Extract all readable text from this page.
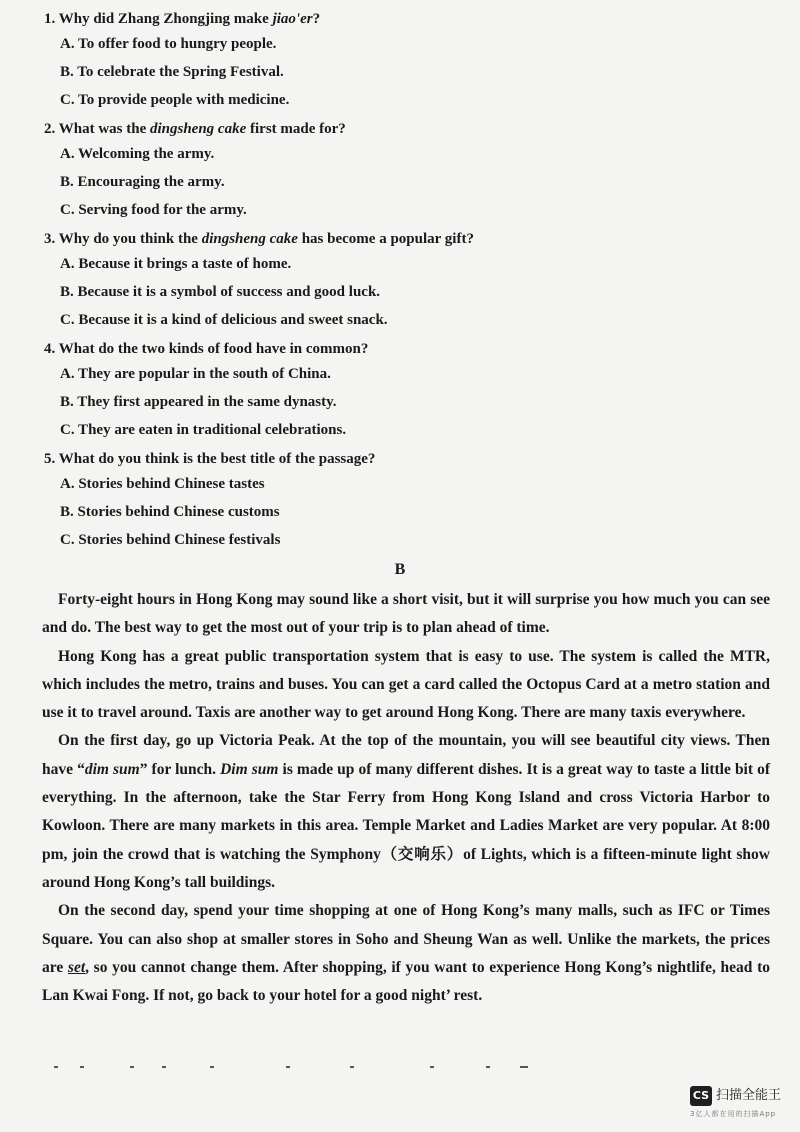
1. Why did Zhang Zhongjing make jiao'er?

A. To offer food to hungry people.

B. To celebrate the Spring Festival.

C. To provide people with medicine.

2. What was the dingsheng cake first made for?

A. Welcoming the army.

B. Encouraging the army.

C. Serving food for the army.

3. Why do you think the dingsheng cake has become a popular gift?

A. Because it brings a taste of home.

B. Because it is a symbol of success and good luck.

C. Because it is a kind of delicious and sweet snack.

4. What do the two kinds of food have in common?

A. They are popular in the south of China.

B. They first appeared in the same dynasty.

C. They are eaten in traditional celebrations.

5. What do you think is the best title of the passage?

A. Stories behind Chinese tastes

B. Stories behind Chinese customs

C. Stories behind Chinese festivals

B

Forty-eight hours in Hong Kong may sound like a short visit, but it will surprise you how much you can see and do. The best way to get the most out of your trip is to plan ahead of time.

Hong Kong has a great public transportation system that is easy to use. The system is called the MTR, which includes the metro, trains and buses. You can get a card called the Octopus Card at a metro station and use it to travel around. Taxis are another way to get around Hong Kong. There are many taxis everywhere.

On the first day, go up Victoria Peak. At the top of the mountain, you will see beautiful city views. Then have “dim sum” for lunch. Dim sum is made up of many different dishes. It is a great way to taste a little bit of everything. In the afternoon, take the Star Ferry from Hong Kong Island and cross Victoria Harbor to Kowloon. There are many markets in this area. Temple Market and Ladies Market are very popular. At 8:00 pm, join the crowd that is watching the Symphony（交响乐）of Lights, which is a fifteen-minute light show around Hong Kong’s tall buildings.

On the second day, spend your time shopping at one of Hong Kong’s many malls, such as IFC or Times Square. You can also shop at smaller stores in Soho and Sheung Wan as well. Unlike the markets, the prices are set, so you cannot change them. After shopping, if you want to experience Hong Kong’s nightlife, head to Lan Kwai Fong. If not, go back to your hotel for a good night’ rest.

CS 扫描全能王
3亿人都在用的扫描App
